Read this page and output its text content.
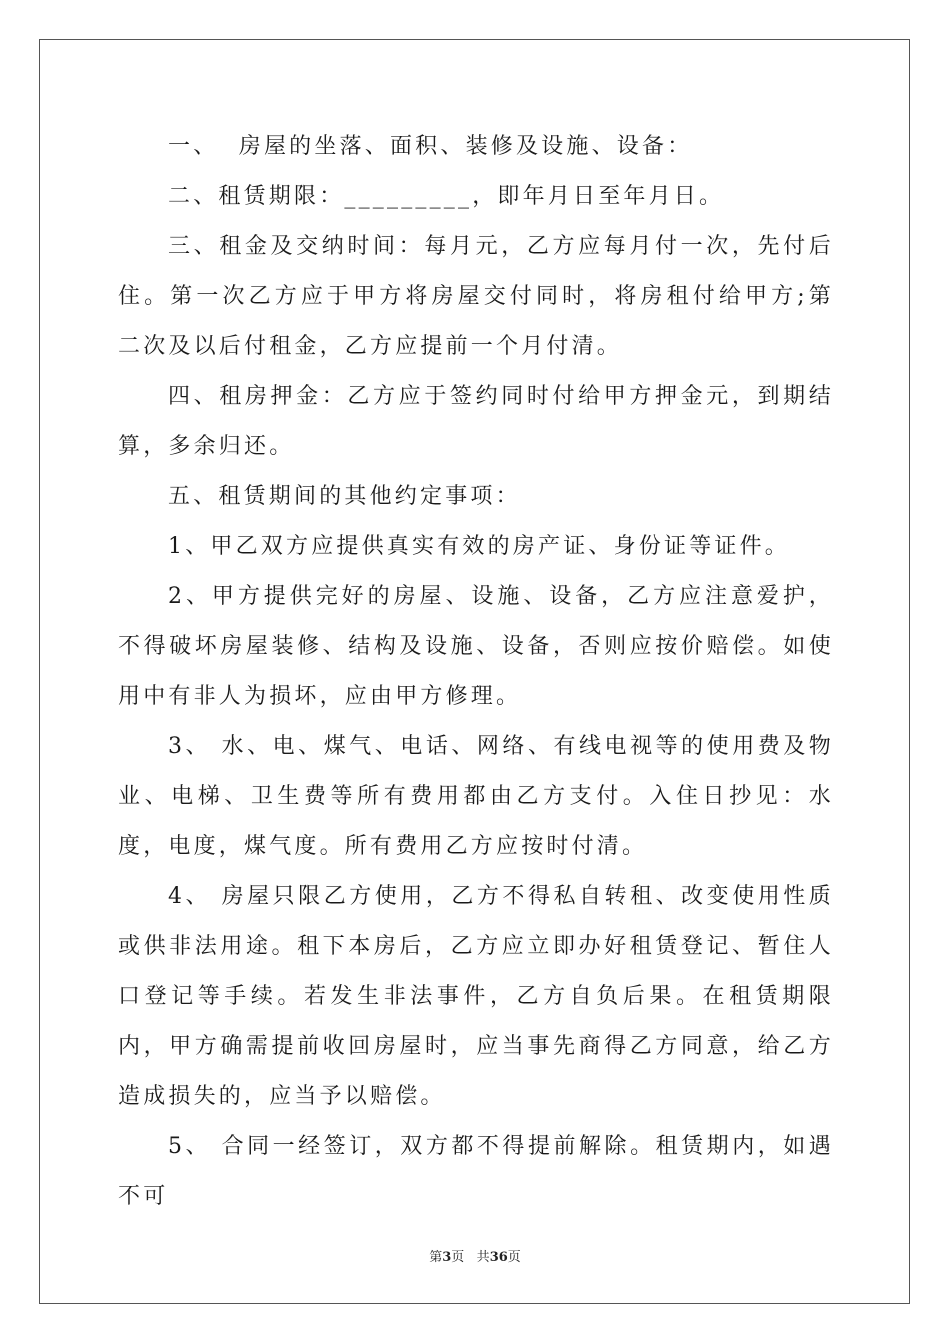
一、  房屋的坐落、面积、装修及设施、设备：

二、租赁期限：_________，即年月日至年月日。

三、租金及交纳时间：每月元，乙方应每月付一次，先付后住。第一次乙方应于甲方将房屋交付同时，将房租付给甲方;第二次及以后付租金，乙方应提前一个月付清。

四、租房押金：乙方应于签约同时付给甲方押金元，到期结算，多余归还。

五、租赁期间的其他约定事项：

1、甲乙双方应提供真实有效的房产证、身份证等证件。

2、甲方提供完好的房屋、设施、设备，乙方应注意爱护，不得破坏房屋装修、结构及设施、设备，否则应按价赔偿。如使用中有非人为损坏，应由甲方修理。

3、 水、电、煤气、电话、网络、有线电视等的使用费及物业、电梯、卫生费等所有费用都由乙方支付。入住日抄见：水度，电度，煤气度。所有费用乙方应按时付清。

4、 房屋只限乙方使用，乙方不得私自转租、改变使用性质或供非法用途。租下本房后，乙方应立即办好租赁登记、暂住人口登记等手续。若发生非法事件，乙方自负后果。在租赁期限内，甲方确需提前收回房屋时，应当事先商得乙方同意，给乙方造成损失的，应当予以赔偿。

5、 合同一经签订，双方都不得提前解除。租赁期内，如遇不可

第3页 共36页
